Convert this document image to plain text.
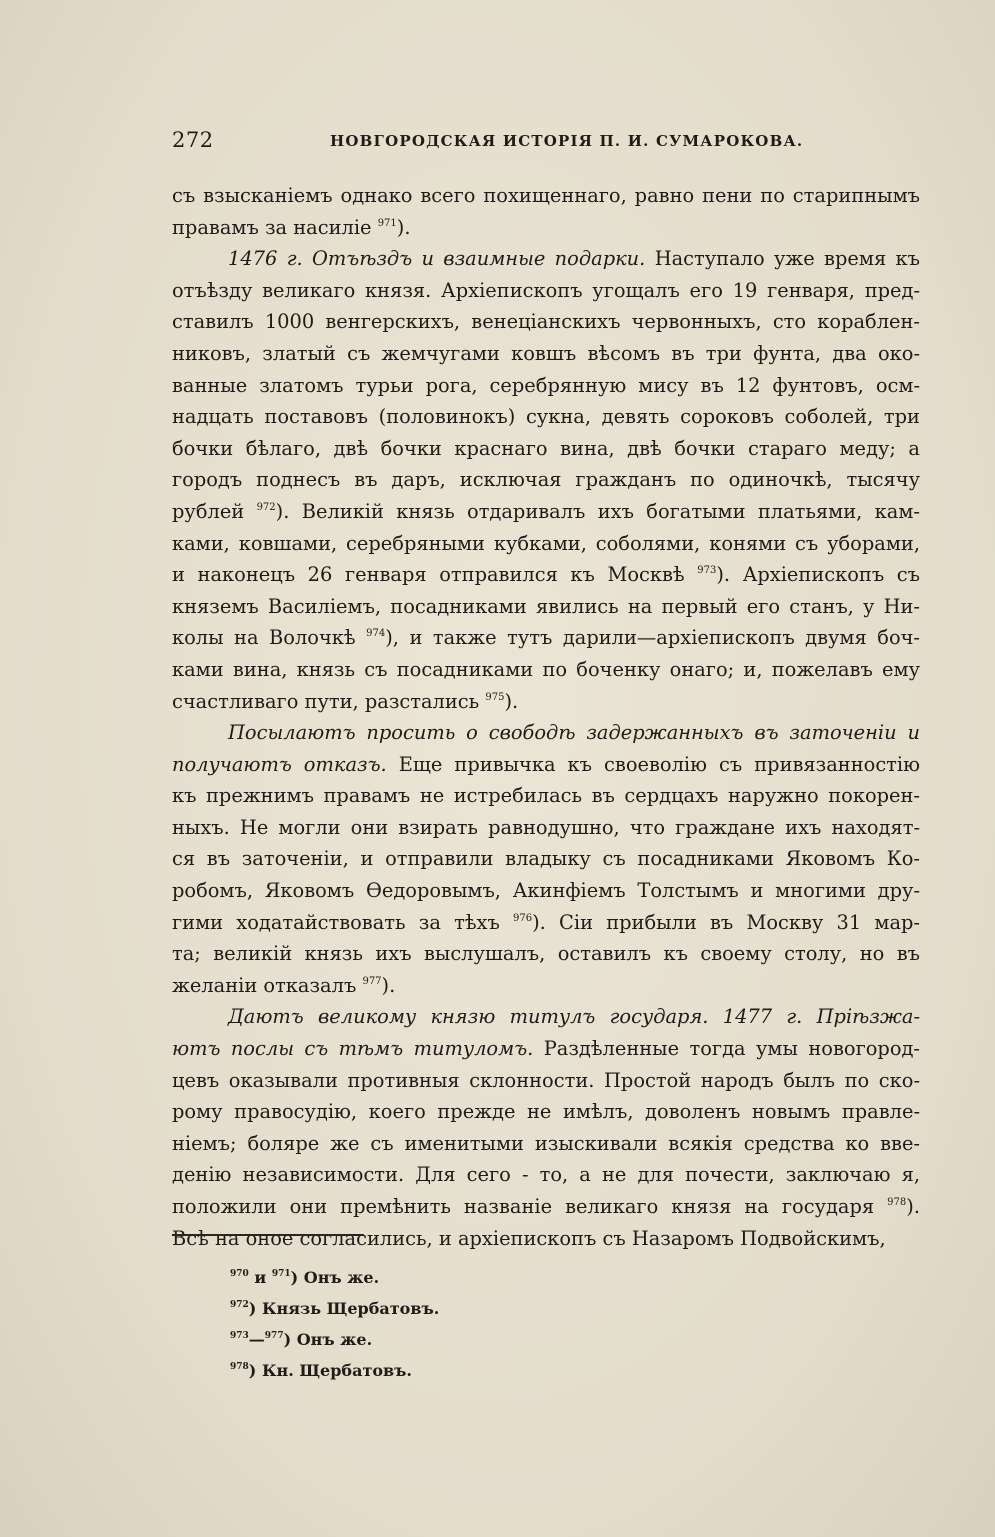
272	НОВГОРОДСКАЯ ИСТОРІЯ П. И. СУМАРОКОВА.
съ взысканіемъ однако всего похищеннаго, равно пени по старипнымъ
правамъ за насиліе $^{971}$).
1476 г. Отъѣздъ и взаимные подарки. Наступало уже время къ
отъѣзду великаго князя. Архіепископъ угощалъ его 19 генваря, пред-
ставилъ 1000 венгерскихъ, венеціанскихъ червонныхъ, сто кораблен-
никовъ, златый съ жемчугами ковшъ вѣсомъ въ три фунта, два око-
ванные златомъ турьи рога, серебрянную мису въ 12 фунтовъ, осм-
надцать поставовъ (половинокъ) сукна, девять сороковъ соболей, три
бочки бѣлаго, двѣ бочки краснаго вина, двѣ бочки стараго меду; а
городъ поднесъ въ даръ, исключая гражданъ по одиночкѣ, тысячу
рублей $^{972}$). Великій князь отдаривалъ ихъ богатыми платьями, кам-
ками, ковшами, серебряными кубками, соболями, конями съ уборами,
и наконецъ 26 генваря отправился къ Москвѣ $^{973}$). Архіепископъ съ
княземъ Василіемъ, посадниками явились на первый его станъ, у Ни-
колы на Волочкѣ $^{974}$), и также тутъ дарили—архіепископъ двумя боч-
ками вина, князь съ посадниками по боченку онаго; и, пожелавъ ему
счастливаго пути, разстались $^{975}$).
Посылаютъ просить о свободѣ задержанныхъ въ заточеніи и
получаютъ отказъ. Еще привычка къ своеволію съ привязанностію
къ прежнимъ правамъ не истребилась въ сердцахъ наружно покорен-
ныхъ. Не могли они взирать равнодушно, что граждане ихъ находят-
ся въ заточеніи, и отправили владыку съ посадниками Яковомъ Ко-
робомъ, Яковомъ Ѳедоровымъ, Акинфіемъ Толстымъ и многими дру-
гими ходатайствовать за тѣхъ $^{976}$). Сіи прибыли въ Москву 31 мар-
та; великій князь ихъ выслушалъ, оставилъ къ своему столу, но въ
желаніи отказалъ $^{977}$).
Даютъ великому князю титулъ государя. 1477 г. Пріѣзжа-
ютъ послы съ тѣмъ титуломъ. Раздѣленные тогда умы новогород-
цевъ оказывали противныя склонности. Простой народъ былъ по ско-
рому правосудію, коего прежде не имѣлъ, доволенъ новымъ правле-
ніемъ; боляре же съ именитыми изыскивали всякія средства ко вве-
денію независимости. Для сего - то, а не для почести, заключаю я,
положили они премѣнить названіе великаго князя на государя $^{978}$).
Всѣ на оное согласились, и архіепископъ съ Назаромъ Подвойскимъ,
$^{970}$ и $^{971}$) Онъ же.
$^{972}$) Князь Щербатовъ.
$^{973}$—$^{977}$) Онъ же.
$^{978}$) Кн. Щербатовъ.
